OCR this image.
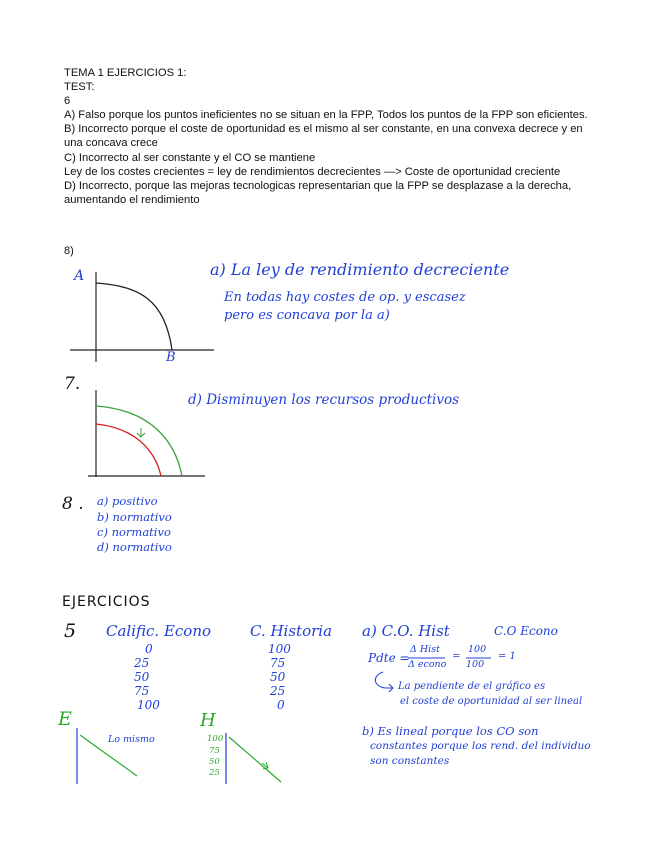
TEMA 1 EJERCICIOS 1:
TEST:
6
A) Falso porque los puntos ineficientes no se situan en la FPP, Todos los puntos de la FPP son eficientes.
B) Incorrecto porque el coste de oportunidad es el mismo al ser constante, en una convexa decrece y en una concava crece
C) Incorrecto al ser constante y el CO se mantiene
Ley de los costes crecientes = ley de rendimientos decrecientes —> Coste de oportunidad creciente
D) Incorrecto, porque las mejoras tecnologicas representarian que la FPP se desplazase a la derecha, aumentando el rendimiento
8)
A
B
a) La ley de rendimiento decreciente
En todas hay costes de op. y escasez
pero es concava por la a)
7.
d) Disminuyen los recursos productivos
8 . a) positivo
b) normativo
c) normativo
d) normativo
EJERCICIOS
5 Calific. Econo	C. Historia
0
25
50
75
100
100
75
50
25
0
a) C.O. Hist	C.O Econo
Pdte =
Δ Hist
Δ econo
=
100
100
= 1
La pendiente de el gráfico es
el coste de oportunidad al ser lineal
b) Es lineal porque los CO son
constantes porque los rend. del individuo
son constantes
E
Lo mismo
H
100
75
50
25
